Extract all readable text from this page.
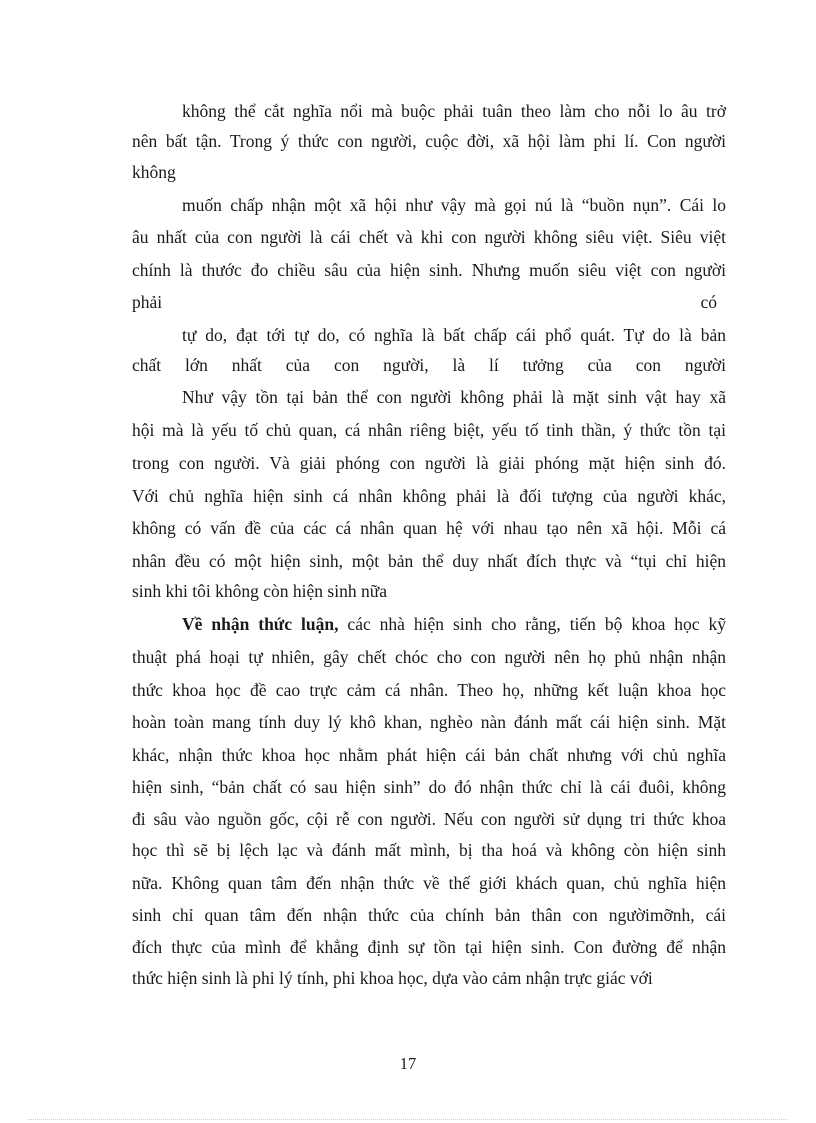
không thể cắt nghĩa nổi mà buộc phải tuân theo làm cho nỗi lo âu trở
nên bất tận. Trong ý thức con người, cuộc đời, xã hội làm phi lí. Con người
không
muốn chấp nhận một xã hội như vậy mà gọi nú là “buồn nụn”. Cái lo
âu nhất của con người là cái chết và khi con người không siêu việt. Siêu việt
chính là thước đo chiều sâu của hiện sinh. Nhưng muốn siêu việt con người
phải	có
tự do, đạt tới tự do, có nghĩa là bất chấp cái phổ quát. Tự do là bản
chất lớn nhất của con người, là lí tưởng của con người
Như vậy tồn tại bản thể con người không phải là mặt sinh vật hay xã
hội mà là yếu tố chủ quan, cá nhân riêng biệt, yếu tố tinh thần, ý thức tồn tại
trong con người. Và giải phóng con người là giải phóng mặt hiện sinh đó.
Với chủ nghĩa hiện sinh cá nhân không phải là đối tượng của người khác,
không có vấn đề của các cá nhân quan hệ với nhau tạo nên xã hội. Mỗi cá
nhân đều có một hiện sinh, một bản thể duy nhất đích thực và “tụi chỉ hiện
sinh khi tôi không còn hiện sinh nữa
Về nhận thức luận, các nhà hiện sinh cho rằng, tiến bộ khoa học kỹ
thuật phá hoại tự nhiên, gây chết chóc cho con người nên họ phủ nhận nhận
thức khoa học đề cao trực cảm cá nhân. Theo họ, những kết luận khoa học
hoàn toàn mang tính duy lý khô khan, nghèo nàn đánh mất cái hiện sinh. Mặt
khác, nhận thức khoa học nhằm phát hiện cái bản chất nhưng với chủ nghĩa
hiện sinh, “bản chất có sau hiện sinh” do đó nhận thức chỉ là cái đuôi, không
đi sâu vào nguồn gốc, cội rễ con người. Nếu con người sử dụng tri thức khoa
học thì sẽ bị lệch lạc và đánh mất mình, bị tha hoá và không còn hiện sinh
nữa. Không quan tâm đến nhận thức về thế giới khách quan, chủ nghĩa hiện
sinh chỉ quan tâm đến nhận thức của chính bản thân con ngườimỡnh, cái
đích thực của mình để khẳng định sự tồn tại hiện sinh. Con đường để nhận
thức hiện sinh là phi lý tính, phi khoa học, dựa vào cảm nhận trực giác với
17
